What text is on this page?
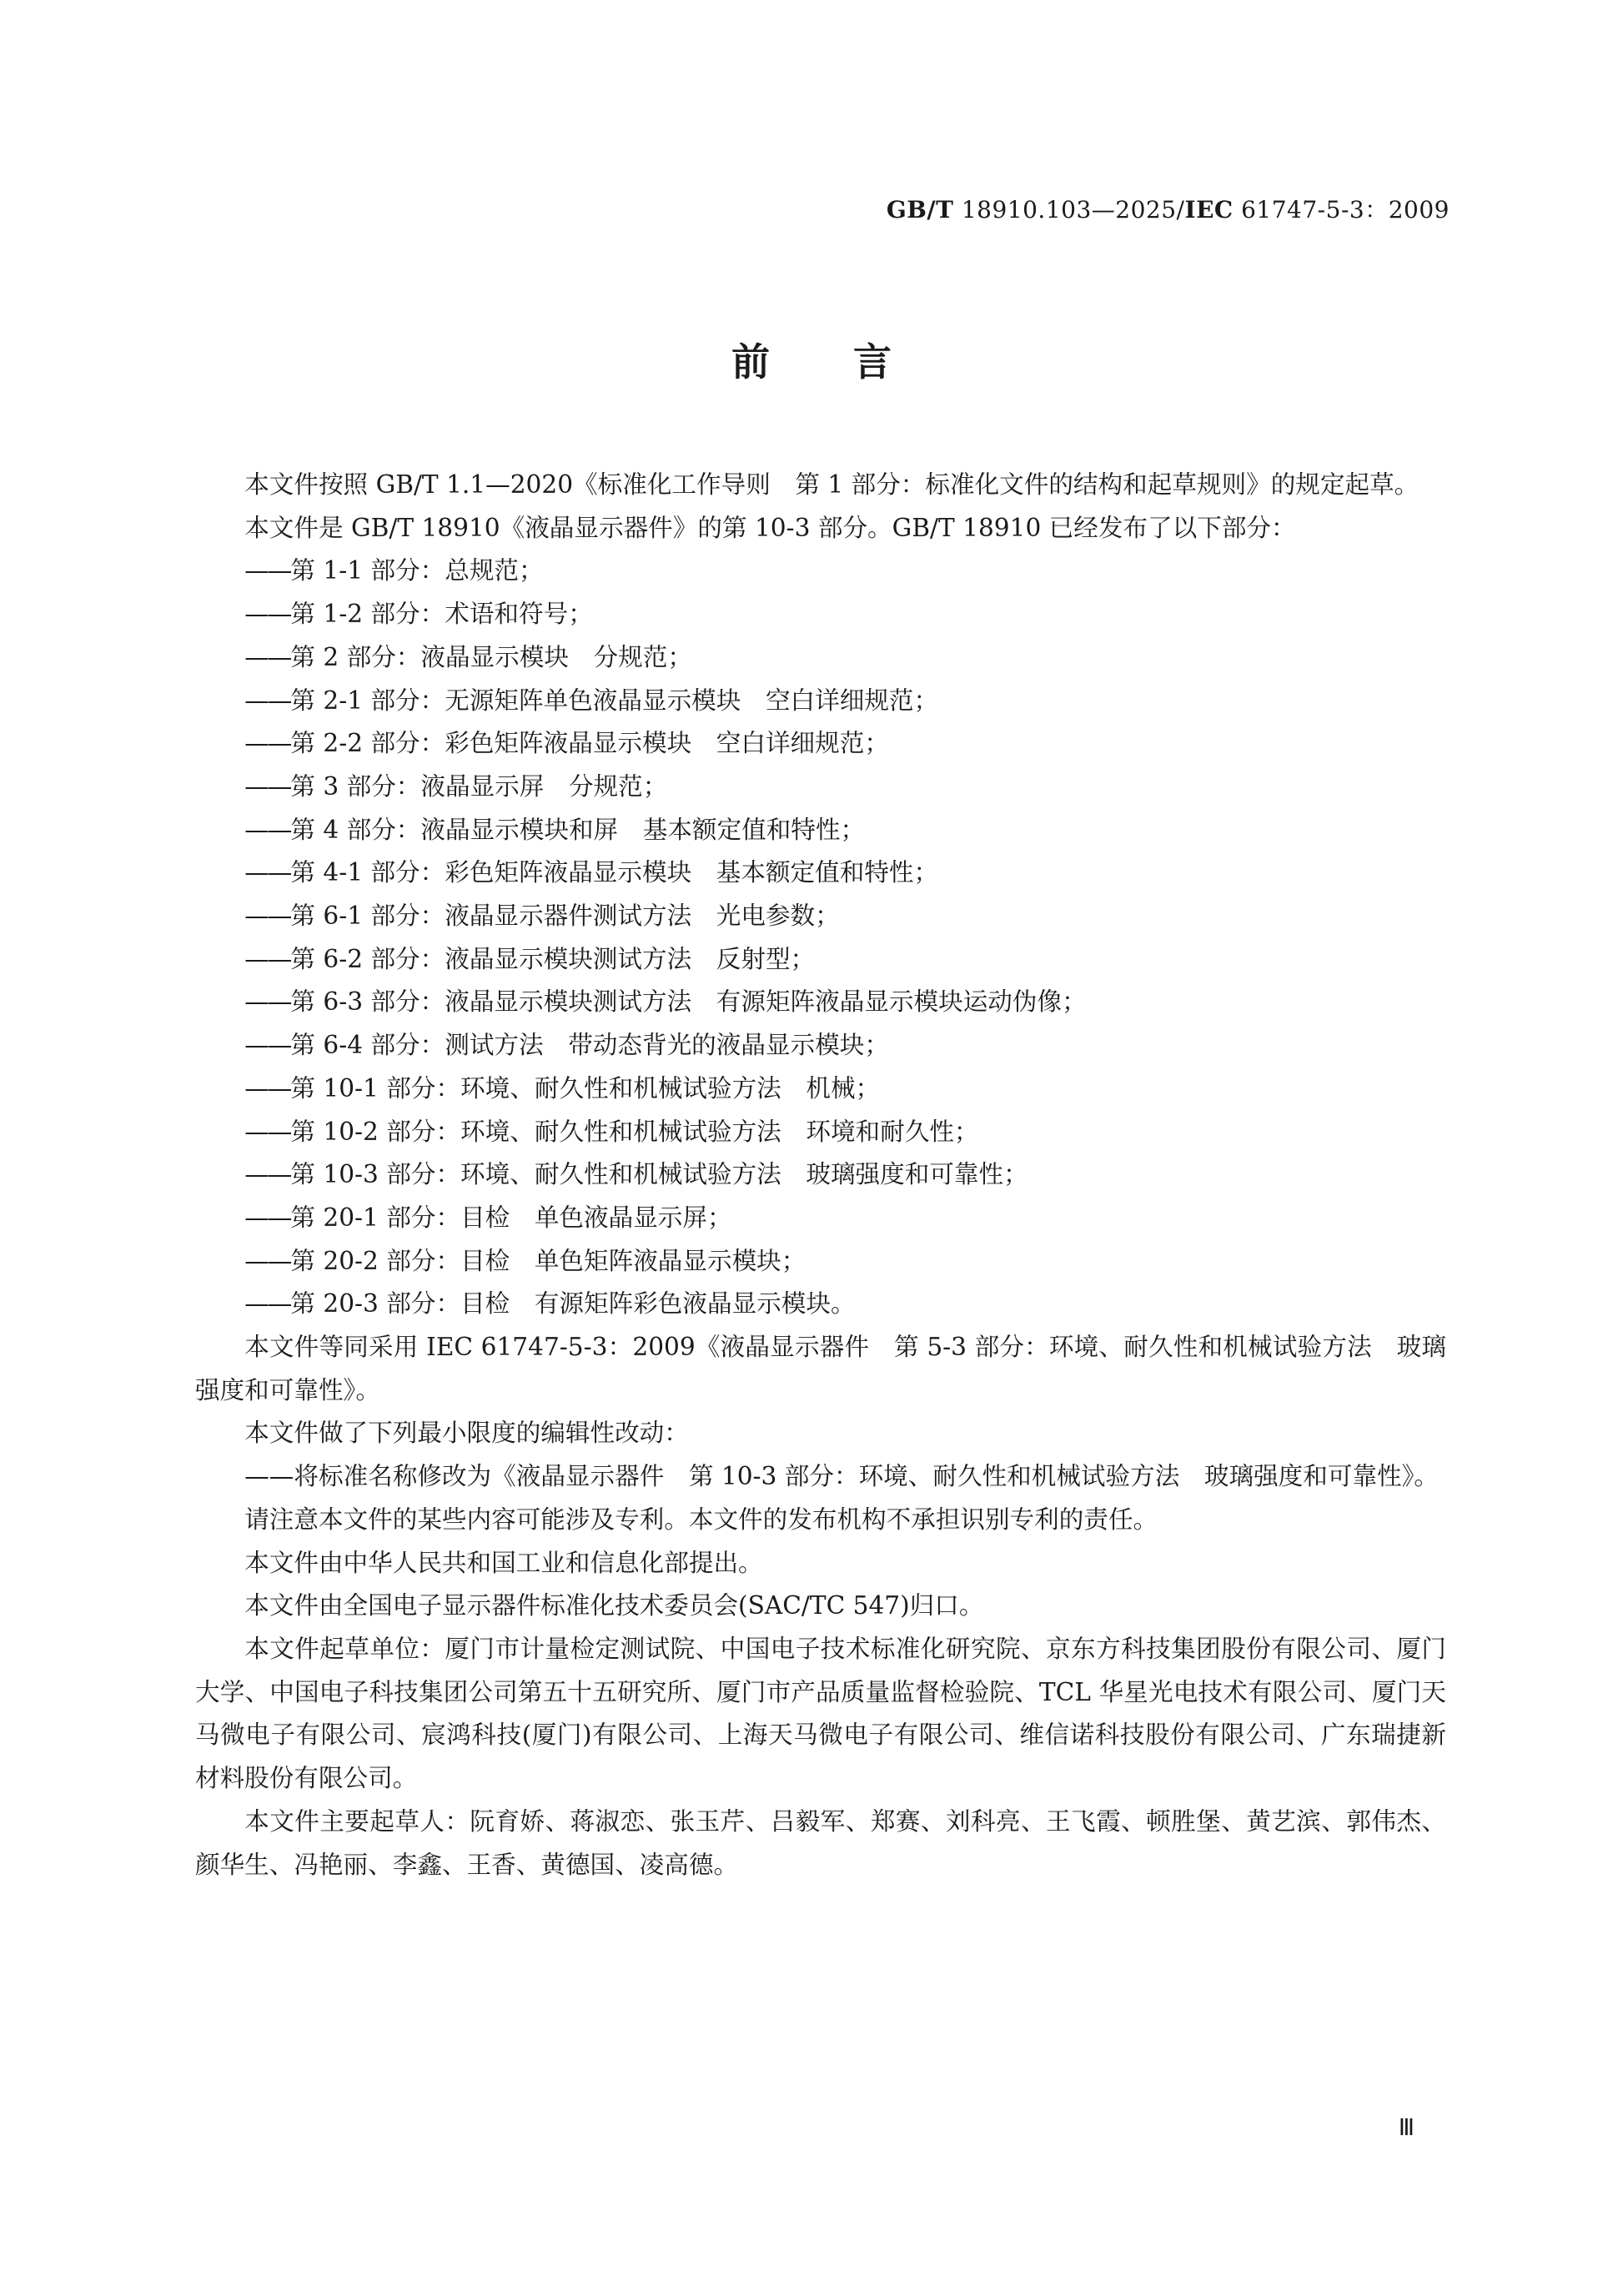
GB/T 18910.103—2025/IEC 61747-5-3：2009
前言

本文件按照 GB/T 1.1—2020《标准化工作导则　第 1 部分：标准化文件的结构和起草规则》的规定起草。

本文件是 GB/T 18910《液晶显示器件》的第 10-3 部分。GB/T 18910 已经发布了以下部分：

——第 1-1 部分：总规范；
——第 1-2 部分：术语和符号；
——第 2 部分：液晶显示模块　分规范；
——第 2-1 部分：无源矩阵单色液晶显示模块　空白详细规范；
——第 2-2 部分：彩色矩阵液晶显示模块　空白详细规范；
——第 3 部分：液晶显示屏　分规范；
——第 4 部分：液晶显示模块和屏　基本额定值和特性；
——第 4-1 部分：彩色矩阵液晶显示模块　基本额定值和特性；
——第 6-1 部分：液晶显示器件测试方法　光电参数；
——第 6-2 部分：液晶显示模块测试方法　反射型；
——第 6-3 部分：液晶显示模块测试方法　有源矩阵液晶显示模块运动伪像；
——第 6-4 部分：测试方法　带动态背光的液晶显示模块；
——第 10-1 部分：环境、耐久性和机械试验方法　机械；
——第 10-2 部分：环境、耐久性和机械试验方法　环境和耐久性；
——第 10-3 部分：环境、耐久性和机械试验方法　玻璃强度和可靠性；
——第 20-1 部分：目检　单色液晶显示屏；
——第 20-2 部分：目检　单色矩阵液晶显示模块；
——第 20-3 部分：目检　有源矩阵彩色液晶显示模块。

本文件等同采用 IEC 61747-5-3：2009《液晶显示器件　第 5-3 部分：环境、耐久性和机械试验方法　玻璃强度和可靠性》。

本文件做了下列最小限度的编辑性改动：

——将标准名称修改为《液晶显示器件　第 10-3 部分：环境、耐久性和机械试验方法　玻璃强度和可靠性》。

请注意本文件的某些内容可能涉及专利。本文件的发布机构不承担识别专利的责任。

本文件由中华人民共和国工业和信息化部提出。

本文件由全国电子显示器件标准化技术委员会(SAC/TC 547)归口。

本文件起草单位：厦门市计量检定测试院、中国电子技术标准化研究院、京东方科技集团股份有限公司、厦门大学、中国电子科技集团公司第五十五研究所、厦门市产品质量监督检验院、TCL 华星光电技术有限公司、厦门天马微电子有限公司、宸鸿科技(厦门)有限公司、上海天马微电子有限公司、维信诺科技股份有限公司、广东瑞捷新材料股份有限公司。

本文件主要起草人：阮育娇、蒋淑恋、张玉芹、吕毅军、郑赛、刘科亮、王飞霞、顿胜堡、黄艺滨、郭伟杰、颜华生、冯艳丽、李鑫、王香、黄德国、凌高德。

Ⅲ
